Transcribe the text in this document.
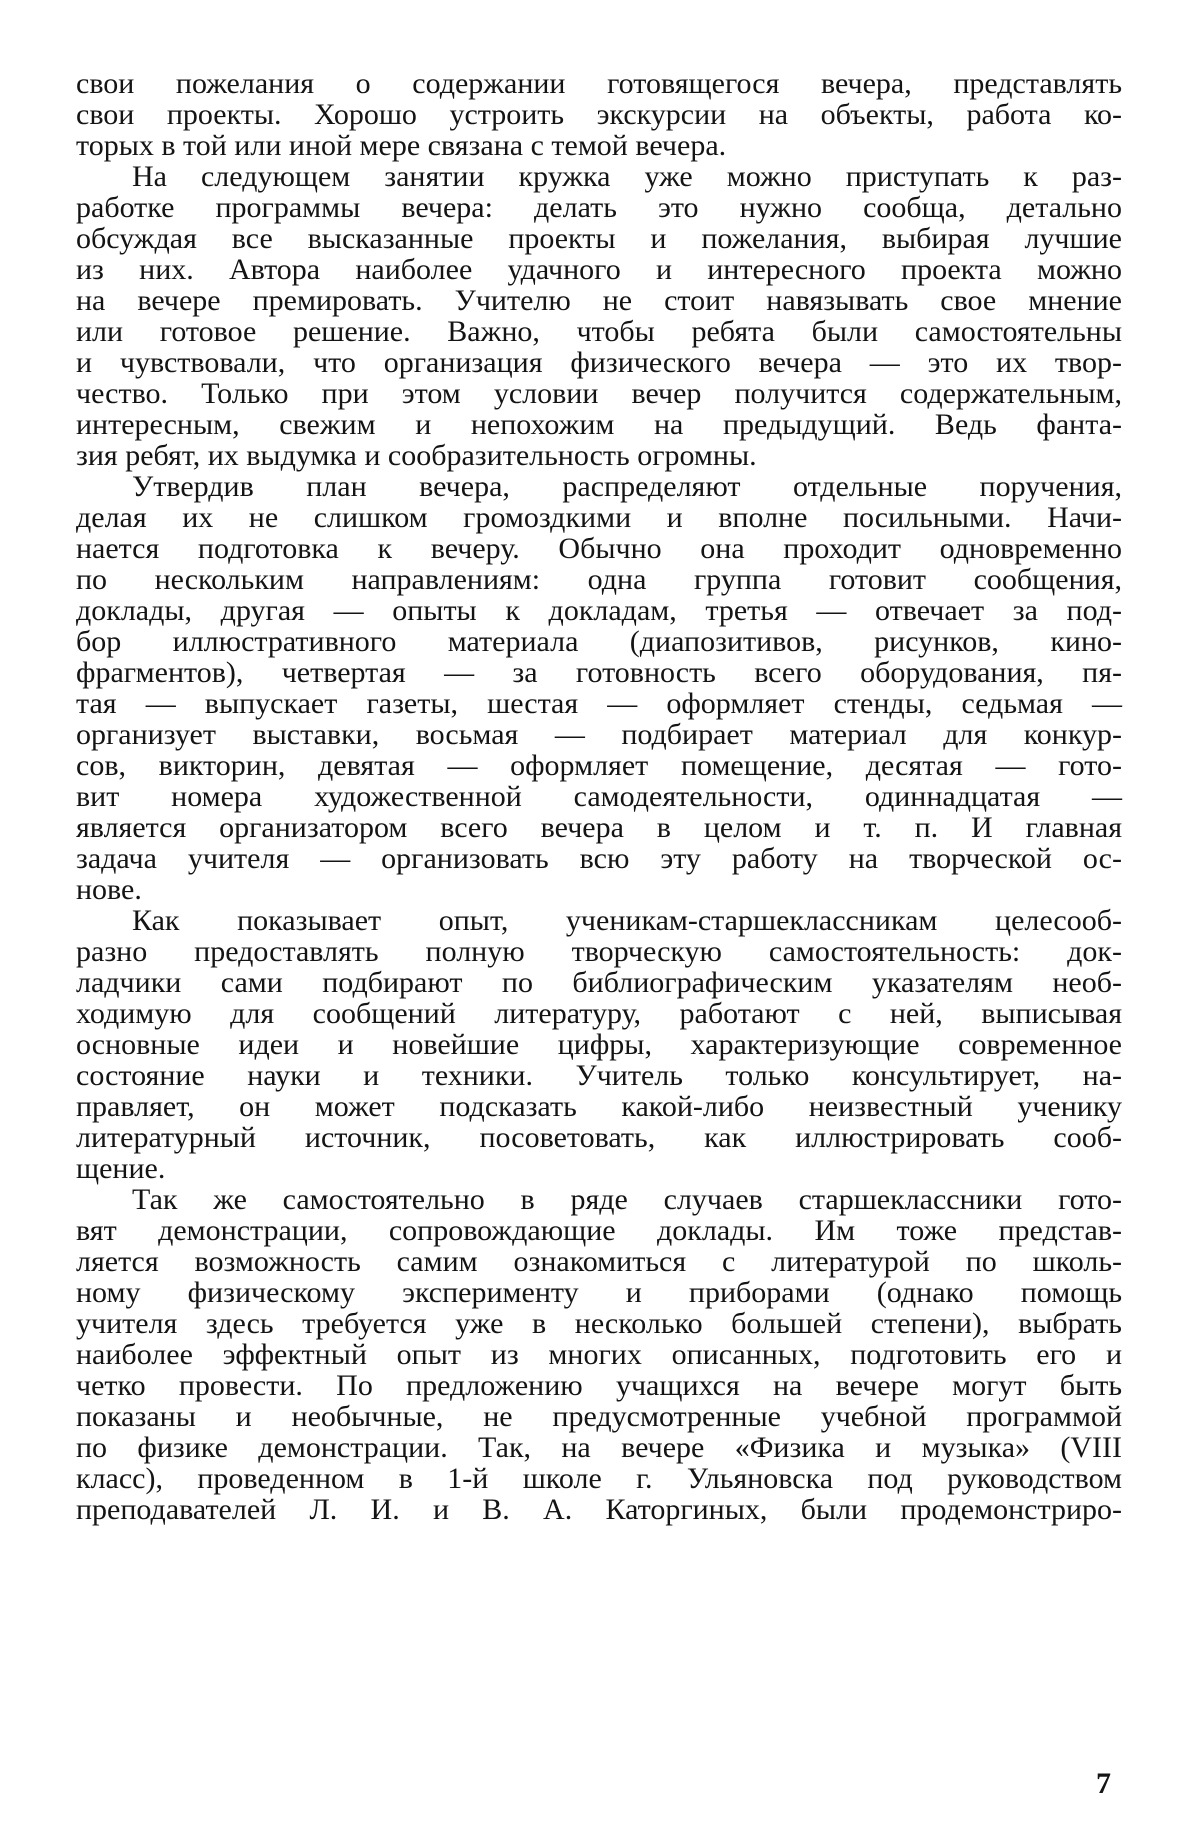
свои пожелания о содержании готовящегося вечера, представлять
свои проекты. Хорошо устроить экскурсии на объекты, работа ко-
торых в той или иной мере связана с темой вечера.
На следующем занятии кружка уже можно приступать к раз-
работке программы вечера: делать это нужно сообща, детально
обсуждая все высказанные проекты и пожелания, выбирая лучшие
из них. Автора наиболее удачного и интересного проекта можно
на вечере премировать. Учителю не стоит навязывать свое мнение
или готовое решение. Важно, чтобы ребята были самостоятельны
и чувствовали, что организация физического вечера — это их твор-
чество. Только при этом условии вечер получится содержательным,
интересным, свежим и непохожим на предыдущий. Ведь фанта-
зия ребят, их выдумка и сообразительность огромны.
Утвердив план вечера, распределяют отдельные поручения,
делая их не слишком громоздкими и вполне посильными. Начи-
нается подготовка к вечеру. Обычно она проходит одновременно
по нескольким направлениям: одна группа готовит сообщения,
доклады, другая — опыты к докладам, третья — отвечает за под-
бор иллюстративного материала (диапозитивов, рисунков, кино-
фрагментов), четвертая — за готовность всего оборудования, пя-
тая — выпускает газеты, шестая — оформляет стенды, седьмая —
организует выставки, восьмая — подбирает материал для конкур-
сов, викторин, девятая — оформляет помещение, десятая — гото-
вит номера художественной самодеятельности, одиннадцатая —
является организатором всего вечера в целом и т. п. И главная
задача учителя — организовать всю эту работу на творческой ос-
нове.
Как показывает опыт, ученикам-старшеклассникам целесооб-
разно предоставлять полную творческую самостоятельность: док-
ладчики сами подбирают по библиографическим указателям необ-
ходимую для сообщений литературу, работают с ней, выписывая
основные идеи и новейшие цифры, характеризующие современное
состояние науки и техники. Учитель только консультирует, на-
правляет, он может подсказать какой-либо неизвестный ученику
литературный источник, посоветовать, как иллюстрировать сооб-
щение.
Так же самостоятельно в ряде случаев старшеклассники гото-
вят демонстрации, сопровождающие доклады. Им тоже представ-
ляется возможность самим ознакомиться с литературой по школь-
ному физическому эксперименту и приборами (однако помощь
учителя здесь требуется уже в несколько большей степени), выбрать
наиболее эффектный опыт из многих описанных, подготовить его и
четко провести. По предложению учащихся на вечере могут быть
показаны и необычные, не предусмотренные учебной программой
по физике демонстрации. Так, на вечере «Физика и музыка» (VIII
класс), проведенном в 1-й школе г. Ульяновска под руководством
преподавателей Л. И. и В. А. Каторгиных, были продемонстриро-
7
